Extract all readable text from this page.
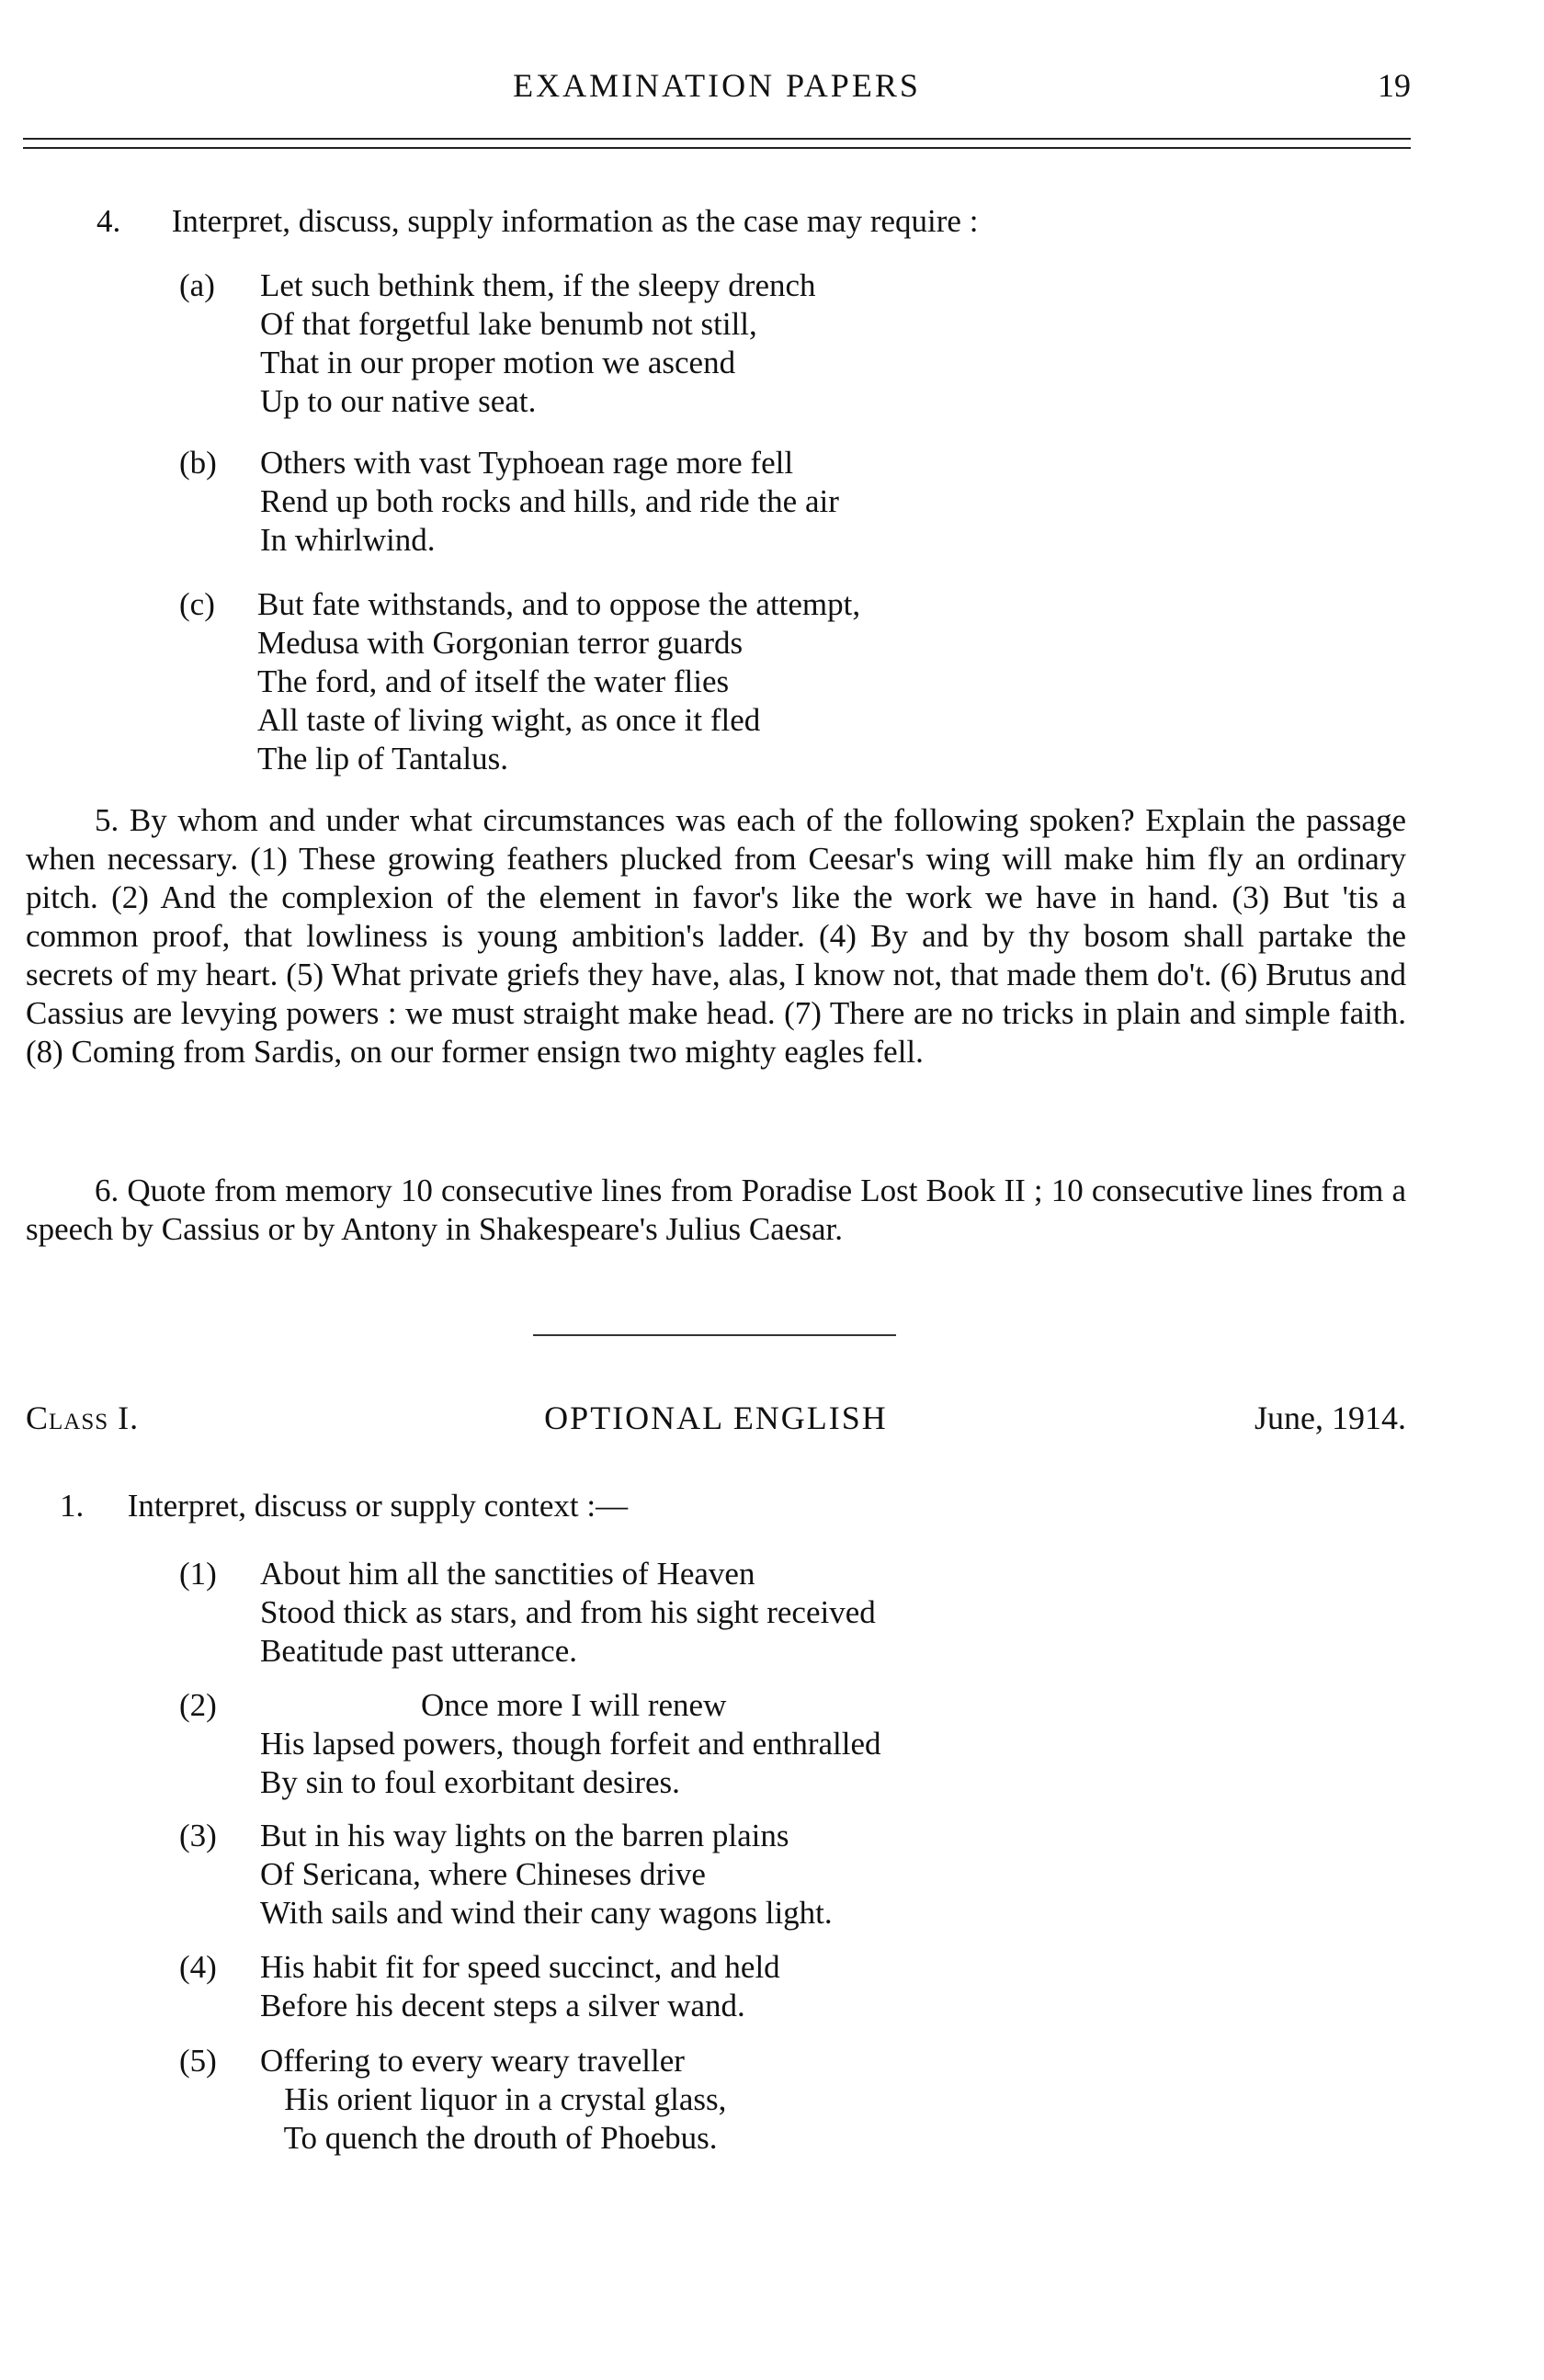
EXAMINATION PAPERS	19
4. Interpret, discuss, supply information as the case may require :
(a) Let such bethink them, if the sleepy drench
Of that forgetful lake benumb not still,
That in our proper motion we ascend
Up to our native seat.
(b) Others with vast Typhoean rage more fell
Rend up both rocks and hills, and ride the air
In whirlwind.
(c) But fate withstands, and to oppose the attempt,
Medusa with Gorgonian terror guards
The ford, and of itself the water flies
All taste of living wight, as once it fled
The lip of Tantalus.
5. By whom and under what circumstances was each of the following spoken? Explain the passage when necessary. (1) These growing feathers plucked from Ceesar's wing will make him fly an ordinary pitch. (2) And the complexion of the element in favor's like the work we have in hand. (3) But 'tis a common proof, that lowliness is young ambition's ladder. (4) By and by thy bosom shall partake the secrets of my heart. (5) What private griefs they have, alas, I know not, that made them do't. (6) Brutus and Cassius are levying powers : we must straight make head. (7) There are no tricks in plain and simple faith. (8) Coming from Sardis, on our former ensign two mighty eagles fell.
6. Quote from memory 10 consecutive lines from Poradise Lost Book II ; 10 consecutive lines from a speech by Cassius or by Antony in Shakespeare's Julius Caesar.
Class I.	OPTIONAL ENGLISH	June, 1914.
1. Interpret, discuss or supply context :—
(1) About him all the sanctities of Heaven
Stood thick as stars, and from his sight received
Beatitude past utterance.
(2)	Once more I will renew
His lapsed powers, though forfeit and enthralled
By sin to foul exorbitant desires.
(3) But in his way lights on the barren plains
Of Sericana, where Chineses drive
With sails and wind their cany wagons light.
(4) His habit fit for speed succinct, and held
Before his decent steps a silver wand.
(5) Offering to every weary traveller
His orient liquor in a crystal glass,
To quench the drouth of Phoebus.
